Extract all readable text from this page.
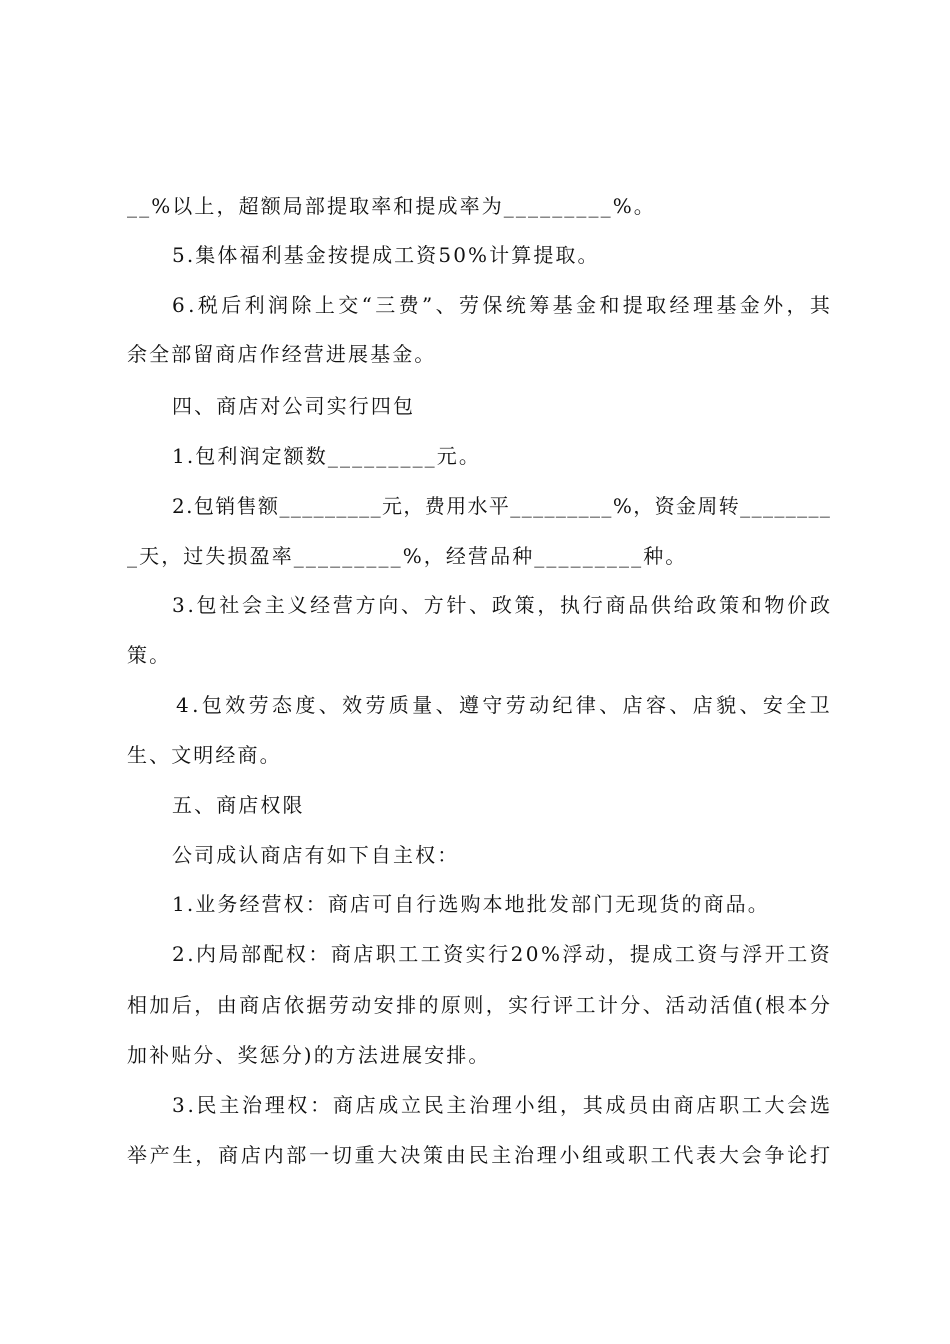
__%以上，超额局部提取率和提成率为_________%。
5.集体福利基金按提成工资50%计算提取。
6 . 税 后 利 润 除 上 交 “ 三 费 ” 、 劳 保 统 筹 基 金 和 提 取 经 理 基 金 外 ， 其
余全部留商店作经营进展基金。
四、商店对公司实行四包
1.包利润定额数_________元。
2 . 包 销 售 额 _ _ _ _ _ _ _ _ _ 元 ， 费 用 水 平 _ _ _ _ _ _ _ _ _ % ， 资 金 周 转 _ _ _ _ _ _ _ _
_天，过失损盈率_________%，经营品种_________种。
3 . 包 社 会 主 义 经 营 方 向 、 方 针 、 政 策 ， 执 行 商 品 供 给 政 策 和 物 价 政
策。
4 . 包 效 劳 态 度 、 效 劳 质 量 、 遵 守 劳 动 纪 律 、 店 容 、 店 貌 、 安 全 卫
生、文明经商。
五、商店权限
公司成认商店有如下自主权：
1.业务经营权：商店可自行选购本地批发部门无现货的商品。
2 . 内 局 部 配 权 ： 商 店 职 工 工 资 实 行 2 0 % 浮 动 ， 提 成 工 资 与 浮 开 工 资
相 加 后 ， 由 商 店 依 据 劳 动 安 排 的 原 则 ， 实 行 评 工 计 分 、 活 动 活 值 ( 根 本 分
加补贴分、奖惩分)的方法进展安排。
3 . 民 主 治 理 权 ： 商 店 成 立 民 主 治 理 小 组 ， 其 成 员 由 商 店 职 工 大 会 选
举 产 生 ， 商 店 内 部 一 切 重 大 决 策 由 民 主 治 理 小 组 或 职 工 代 表 大 会 争 论 打
